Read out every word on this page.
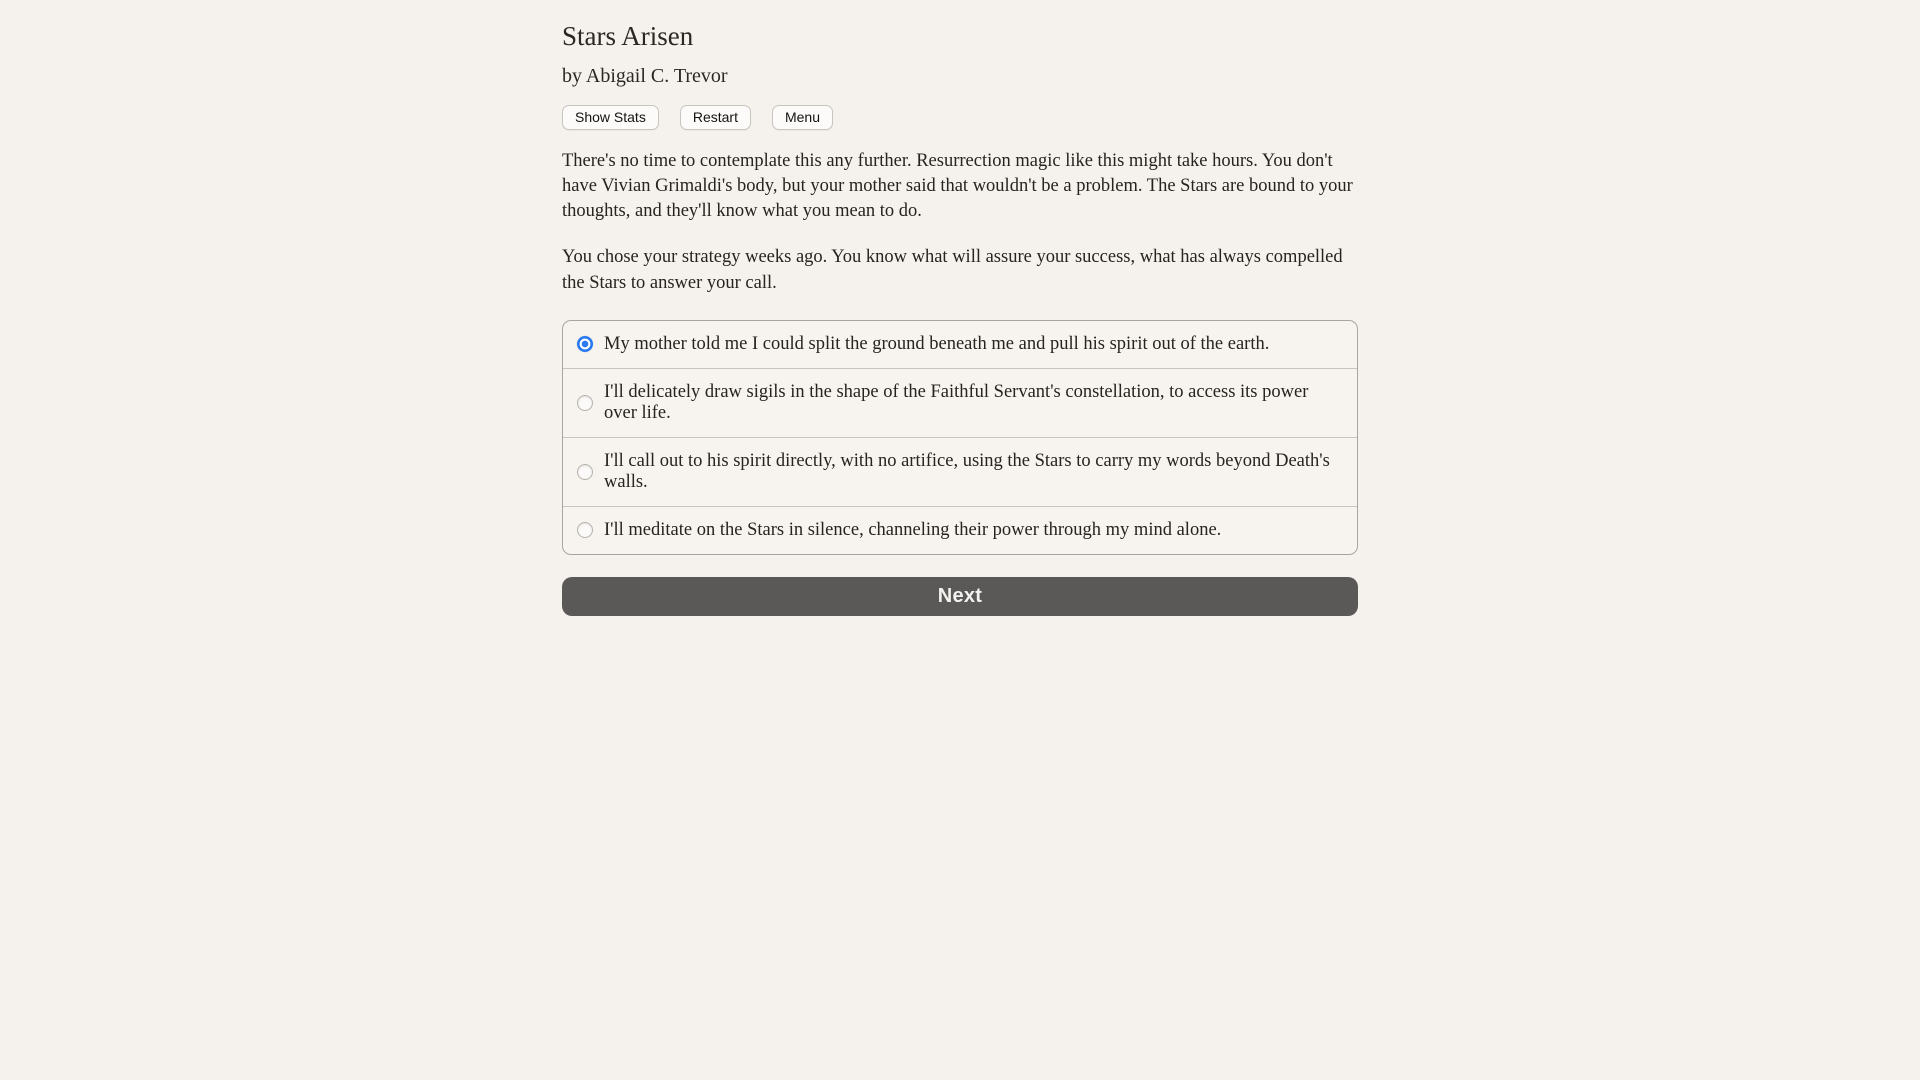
Stars Arisen
by Abigail C. Trevor
Show Stats	Restart	Menu

There's no time to contemplate this any further. Resurrection magic like this might take hours. You don't have Vivian Grimaldi's body, but your mother said that wouldn't be a problem. The Stars are bound to your thoughts, and they'll know what you mean to do.

You chose your strategy weeks ago. You know what will assure your success, what has always compelled the Stars to answer your call.

My mother told me I could split the ground beneath me and pull his spirit out of the earth.
I'll delicately draw sigils in the shape of the Faithful Servant's constellation, to access its power over life.
I'll call out to his spirit directly, with no artifice, using the Stars to carry my words beyond Death's walls.
I'll meditate on the Stars in silence, channeling their power through my mind alone.
Next
